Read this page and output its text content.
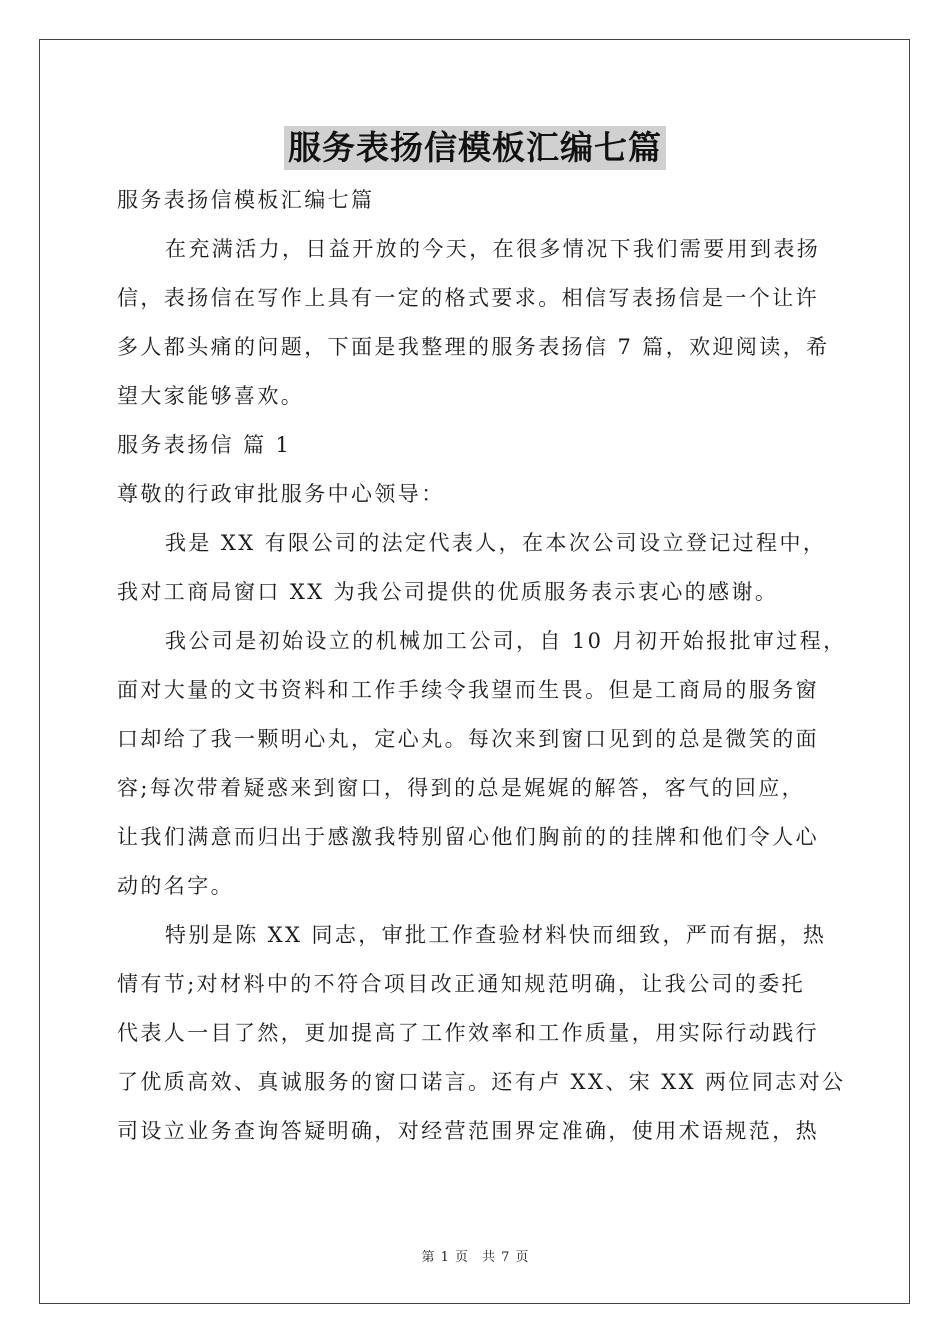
服务表扬信模板汇编七篇
服务表扬信模板汇编七篇
在充满活力，日益开放的今天，在很多情况下我们需要用到表扬
信，表扬信在写作上具有一定的格式要求。相信写表扬信是一个让许
多人都头痛的问题，下面是我整理的服务表扬信 7 篇，欢迎阅读，希
望大家能够喜欢。
服务表扬信 篇 1
尊敬的行政审批服务中心领导：
我是 XX 有限公司的法定代表人，在本次公司设立登记过程中，
我对工商局窗口 XX 为我公司提供的优质服务表示衷心的感谢。
我公司是初始设立的机械加工公司，自 10 月初开始报批审过程，
面对大量的文书资料和工作手续令我望而生畏。但是工商局的服务窗
口却给了我一颗明心丸，定心丸。每次来到窗口见到的总是微笑的面
容;每次带着疑惑来到窗口，得到的总是娓娓的解答，客气的回应，
让我们满意而归出于感激我特别留心他们胸前的的挂牌和他们令人心
动的名字。
特别是陈 XX 同志，审批工作查验材料快而细致，严而有据，热
情有节;对材料中的不符合项目改正通知规范明确，让我公司的委托
代表人一目了然，更加提高了工作效率和工作质量，用实际行动践行
了优质高效、真诚服务的窗口诺言。还有卢 XX、宋 XX 两位同志对公
司设立业务查询答疑明确，对经营范围界定准确，使用术语规范，热
第 1 页 共 7 页
